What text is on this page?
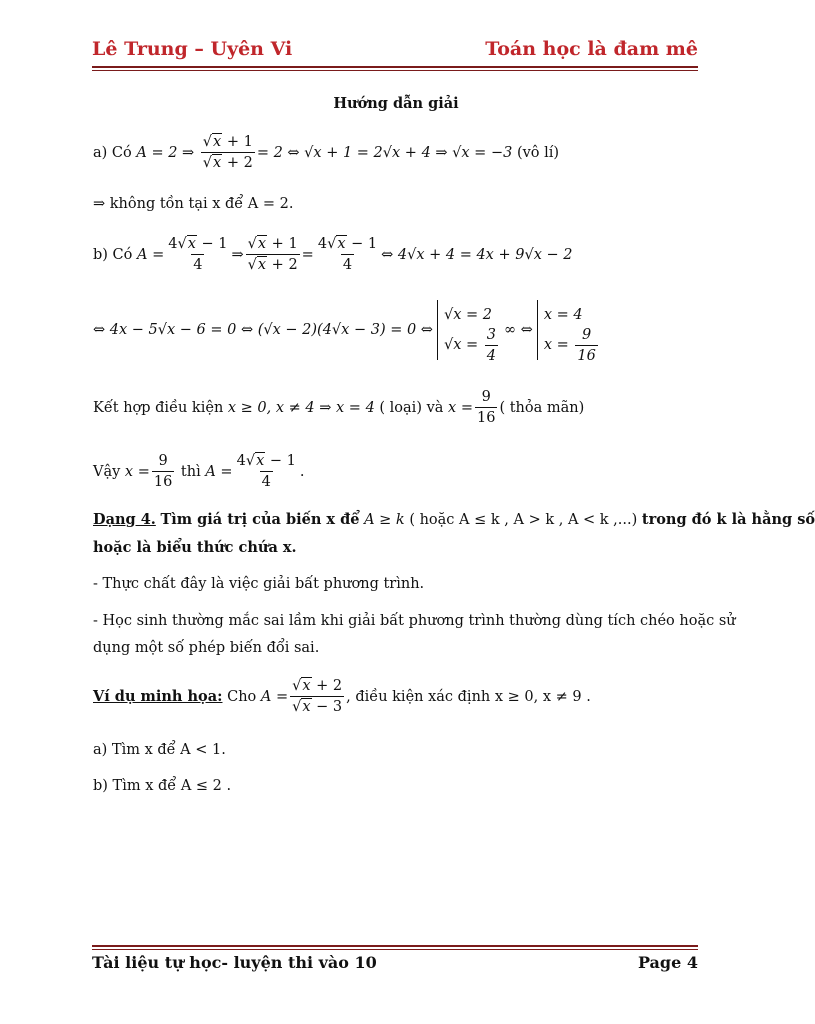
Lê Trung – Uyên Vi	Toán học là đam mê
Hướng dẫn giải
a) Có
A = 2 ⇒
$\frac{√x + 1}{√x + 2} = 2$ ⇔ √x + 1 = 2√x + 4 ⇒ √x = −3
(vô lí)
⇒ không tồn tại x để A = 2.
b) Có
$A = \frac{4√x - 1}{4}$ ⇒ $\frac{√x + 1}{√x + 2} = \frac{4√x - 1}{4}$ ⇔ 4√x + 4 = 4x + 9√x − 2
⇔ 4x − 5√x − 6 = 0 ⇔ (√x − 2)(4√x − 3) = 0 ⇔
√x = 2
√x =
3
4
∞ ⇔
x = 4
x =
9
16
Kết hợp điều kiện
x ≥ 0, x ≠ 4 ⇒ x = 4
( loại) và
$x = \frac{9}{16}$ ( thỏa mãn)
Vậy
$x = \frac{9}{16}$
thì
$A = \frac{4√x - 1}{4}$ .
Dạng 4.
Tìm giá trị của biến x để
A ≥ k
( hoặc A ≤ k , A > k , A < k ,...)
trong đó k là hằng số
hoặc là biểu thức chứa x.
- Thực chất đây là việc giải bất phương trình.
- Học sinh thường mắc sai lầm khi giải bất phương trình thường dùng tích chéo hoặc sử
dụng một số phép biến đổi sai.
Ví dụ minh họa:
Cho
$A = \frac{√x + 2}{√x - 3}$ , điều kiện xác định x ≥ 0, x ≠ 9 .
a) Tìm x để A < 1.
b) Tìm x để A ≤ 2 .
Tài liệu tự học- luyện thi vào 10	Page 4
